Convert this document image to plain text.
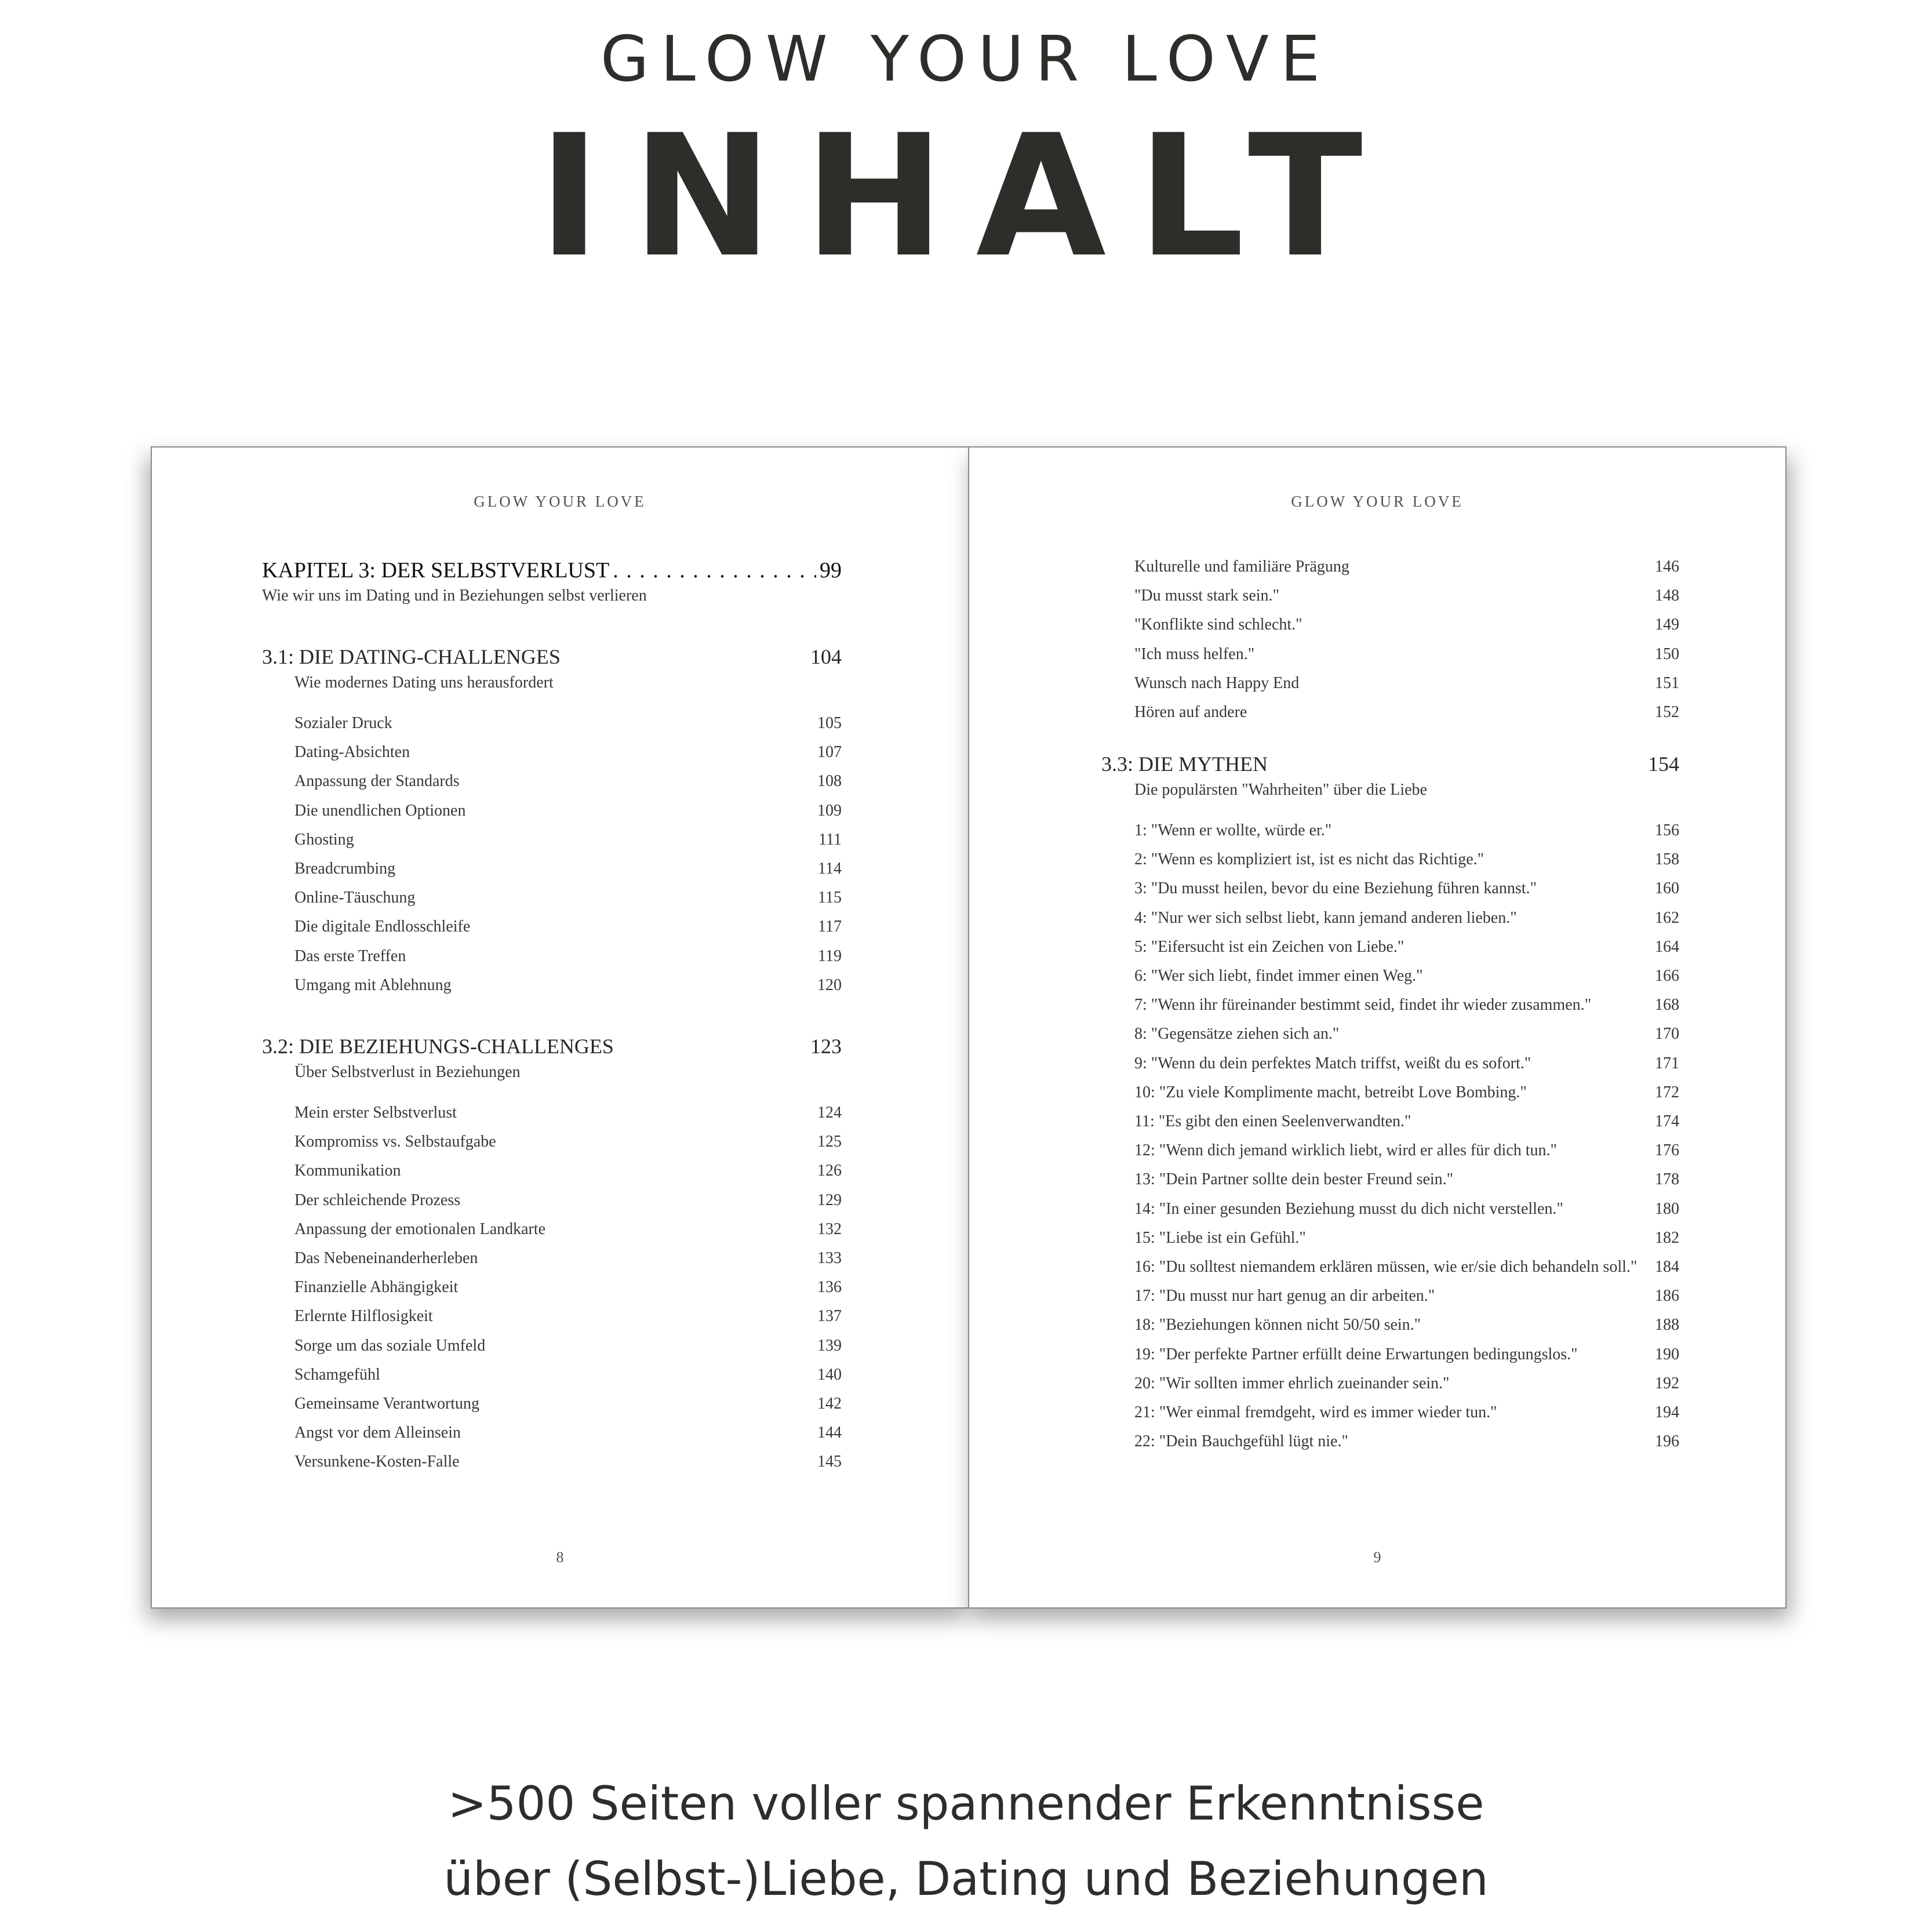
GLOW YOUR LOVE
INHALT
GLOW YOUR LOVE
KAPITEL 3: DER SELBSTVERLUST . . .	99
Wie wir uns im Dating und in Beziehungen selbst verlieren
3.1: DIE DATING-CHALLENGES	104
Wie modernes Dating uns herausfordert
Sozialer Druck	105
Dating-Absichten	107
Anpassung der Standards	108
Die unendlichen Optionen	109
Ghosting	111
Breadcrumbing	114
Online-Täuschung	115
Die digitale Endlosschleife	117
Das erste Treffen	119
Umgang mit Ablehnung	120
3.2: DIE BEZIEHUNGS-CHALLENGES	123
Über Selbstverlust in Beziehungen
Mein erster Selbstverlust	124
Kompromiss vs. Selbstaufgabe	125
Kommunikation	126
Der schleichende Prozess	129
Anpassung der emotionalen Landkarte	132
Das Nebeneinanderherleben	133
Finanzielle Abhängigkeit	136
Erlernte Hilflosigkeit	137
Sorge um das soziale Umfeld	139
Schamgefühl	140
Gemeinsame Verantwortung	142
Angst vor dem Alleinsein	144
Versunkene-Kosten-Falle	145
8
GLOW YOUR LOVE
Kulturelle und familiäre Prägung	146
"Du musst stark sein."	148
"Konflikte sind schlecht."	149
"Ich muss helfen."	150
Wunsch nach Happy End	151
Hören auf andere	152
3.3: DIE MYTHEN	154
Die populärsten "Wahrheiten" über die Liebe
1: "Wenn er wollte, würde er."	156
2: "Wenn es kompliziert ist, ist es nicht das Richtige."	158
3: "Du musst heilen, bevor du eine Beziehung führen kannst."	160
4: "Nur wer sich selbst liebt, kann jemand anderen lieben."	162
5: "Eifersucht ist ein Zeichen von Liebe."	164
6: "Wer sich liebt, findet immer einen Weg."	166
7: "Wenn ihr füreinander bestimmt seid, findet ihr wieder zusammen."	168
8: "Gegensätze ziehen sich an."	170
9: "Wenn du dein perfektes Match triffst, weißt du es sofort."	171
10: "Zu viele Komplimente macht, betreibt Love Bombing."	172
11: "Es gibt den einen Seelenverwandten."	174
12: "Wenn dich jemand wirklich liebt, wird er alles für dich tun."	176
13: "Dein Partner sollte dein bester Freund sein."	178
14: "In einer gesunden Beziehung musst du dich nicht verstellen."	180
15: "Liebe ist ein Gefühl."	182
16: "Du solltest niemandem erklären müssen, wie er/sie dich behandeln soll." 184
17: "Du musst nur hart genug an dir arbeiten."	186
18: "Beziehungen können nicht 50/50 sein."	188
19: "Der perfekte Partner erfüllt deine Erwartungen bedingungslos."	190
20: "Wir sollten immer ehrlich zueinander sein."	192
21: "Wer einmal fremdgeht, wird es immer wieder tun."	194
22: "Dein Bauchgefühl lügt nie."	196
9
>500 Seiten voller spannender Erkenntnisse
über (Selbst-)Liebe, Dating und Beziehungen
